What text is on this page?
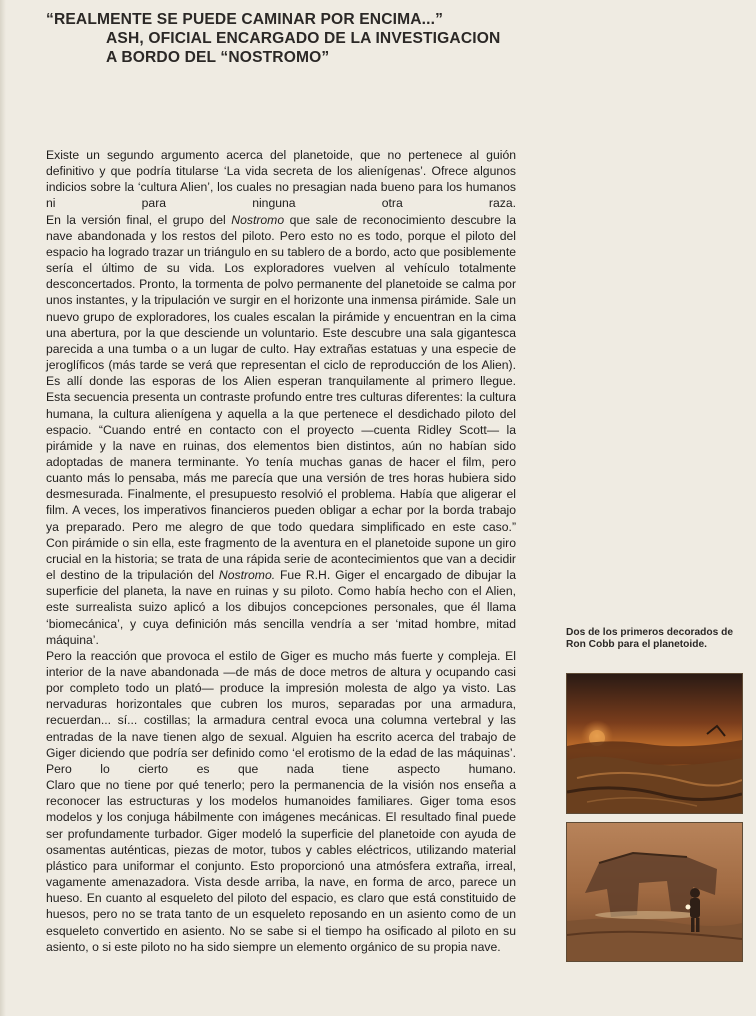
“REALMENTE SE PUEDE CAMINAR POR ENCIMA...”
ASH, OFICIAL ENCARGADO DE LA INVESTIGACION
A BORDO DEL “NOSTROMO”

Existe un segundo argumento acerca del planetoide, que no pertenece al guión definitivo y que podría titularse ‘La vida secreta de los alienígenas’. Ofrece algunos indicios sobre la ‘cultura Alien’, los cuales no presagian nada bueno para los humanos ni para ninguna otra raza.

En la versión final, el grupo del Nostromo que sale de reconocimiento descubre la nave abandonada y los restos del piloto. Pero esto no es todo, porque el piloto del espacio ha logrado trazar un triángulo en su tablero de a bordo, acto que posiblemente sería el último de su vida. Los exploradores vuelven al vehículo totalmente desconcertados. Pronto, la tormenta de polvo permanente del planetoide se calma por unos instantes, y la tripulación ve surgir en el horizonte una inmensa pirámide. Sale un nuevo grupo de exploradores, los cuales escalan la pirámide y encuentran en la cima una abertura, por la que desciende un voluntario. Este descubre una sala gigantesca parecida a una tumba o a un lugar de culto. Hay extrañas estatuas y una especie de jeroglíficos (más tarde se verá que representan el ciclo de reproducción de los Alien). Es allí donde las esporas de los Alien esperan tranquilamente al primero llegue.

Esta secuencia presenta un contraste profundo entre tres culturas diferentes: la cultura humana, la cultura alienígena y aquella a la que pertenece el desdichado piloto del espacio. “Cuando entré en contacto con el proyecto —cuenta Ridley Scott— la pirámide y la nave en ruinas, dos elementos bien distintos, aún no habían sido adoptadas de manera terminante. Yo tenía muchas ganas de hacer el film, pero cuanto más lo pensaba, más me parecía que una versión de tres horas hubiera sido desmesurada. Finalmente, el presupuesto resolvió el problema. Había que aligerar el film. A veces, los imperativos financieros pueden obligar a echar por la borda trabajo ya preparado. Pero me alegro de que todo quedara simplificado en este caso.”

Con pirámide o sin ella, este fragmento de la aventura en el planetoide supone un giro crucial en la historia; se trata de una rápida serie de acontecimientos que van a decidir el destino de la tripulación del Nostromo. Fue R.H. Giger el encargado de dibujar la superficie del planeta, la nave en ruinas y su piloto. Como había hecho con el Alien, este surrealista suizo aplicó a los dibujos concepciones personales, que él llama ‘biomecánica’, y cuya definición más sencilla vendría a ser ‘mitad hombre, mitad máquina’.

Pero la reacción que provoca el estilo de Giger es mucho más fuerte y compleja. El interior de la nave abandonada —de más de doce metros de altura y ocupando casi por completo todo un plató— produce la impresión molesta de algo ya visto. Las nervaduras horizontales que cubren los muros, separadas por una armadura, recuerdan... sí... costillas; la armadura central evoca una columna vertebral y las entradas de la nave tienen algo de sexual. Alguien ha escrito acerca del trabajo de Giger diciendo que podría ser definido como ‘el erotismo de la edad de las máquinas’. Pero lo cierto es que nada tiene aspecto humano.

Claro que no tiene por qué tenerlo; pero la permanencia de la visión nos enseña a reconocer las estructuras y los modelos humanoides familiares. Giger toma esos modelos y los conjuga hábilmente con imágenes mecánicas. El resultado final puede ser profundamente turbador. Giger modeló la superficie del planetoide con ayuda de osamentas auténticas, piezas de motor, tubos y cables eléctricos, utilizando material plástico para uniformar el conjunto. Esto proporcionó una atmósfera extraña, irreal, vagamente amenazadora. Vista desde arriba, la nave, en forma de arco, parece un hueso. En cuanto al esqueleto del piloto del espacio, es claro que está constituido de huesos, pero no se trata tanto de un esqueleto reposando en un asiento como de un esqueleto convertido en asiento. No se sabe si el tiempo ha osificado al piloto en su asiento, o si este piloto no ha sido siempre un elemento orgánico de su propia nave.

Dos de los primeros decorados de Ron Cobb para el planetoide.
